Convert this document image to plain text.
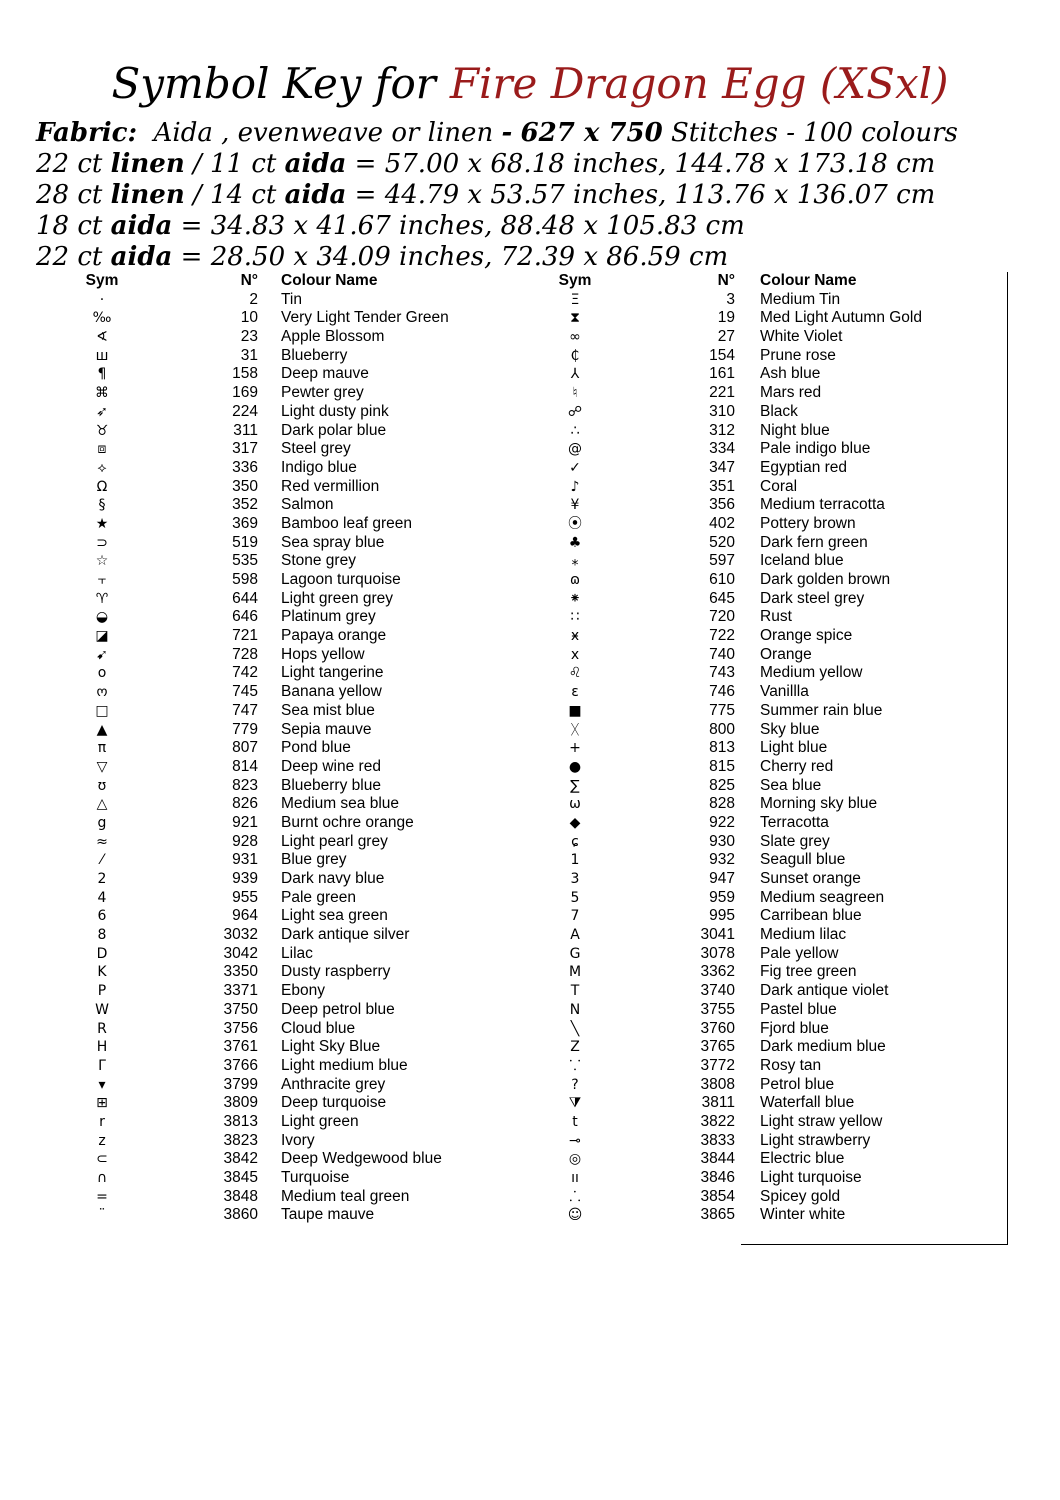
Symbol Key for Fire Dragon Egg (XSxl)
Fabric: Aida , evenweave or linen - 627 x 750 Stitches - 100 colours
22 ct linen / 11 ct aida = 57.00 x 68.18 inches, 144.78 x 173.18 cm
28 ct linen / 14 ct aida = 44.79 x 53.57 inches, 113.76 x 136.07 cm
18 ct aida = 34.83 x 41.67 inches, 88.48 x 105.83 cm
22 ct aida = 28.50 x 34.09 inches, 72.39 x 86.59 cm
Sym	N° Colour Name
·	2 Tin
‰	10 Very Light Tender Green
∢	23 Apple Blossom
ш	31 Blueberry
¶	158 Deep mauve
⌘	169 Pewter grey
➶	224 Light dusty pink
♉	311 Dark polar blue
⧈	317 Steel grey
⟡	336 Indigo blue
Ω	350 Red vermillion
§	352 Salmon
★	369 Bamboo leaf green
⊃	519 Sea spray blue
☆	535 Stone grey
⫟	598 Lagoon turquoise
♈	644 Light green grey
◒	646 Platinum grey
◪	721 Papaya orange
➹	728 Hops yellow
o	742 Light tangerine
ო	745 Banana yellow
□	747 Sea mist blue
▲	779 Sepia mauve
π	807 Pond blue
▽	814 Deep wine red
ʊ	823 Blueberry blue
△	826 Medium sea blue
g	921 Burnt ochre orange
≈	928 Light pearl grey
⁄	931 Blue grey
2	939 Dark navy blue
4	955 Pale green
6	964 Light sea green
8	3032 Dark antique silver
D	3042 Lilac
K	3350 Dusty raspberry
P	3371 Ebony
W	3750 Deep petrol blue
R	3756 Cloud blue
H	3761 Light Sky Blue
Γ	3766 Light medium blue
▾	3799 Anthracite grey
⊞	3809 Deep turquoise
r	3813 Light green
z	3823 Ivory
⊂	3842 Deep Wedgewood blue
∩	3845 Turquoise
=	3848 Medium teal green
¨	3860 Taupe mauve
Sym	N° Colour Name
Ξ	3 Medium Tin
⧗	19 Med Light Autumn Gold
∞	27 White Violet
₵	154 Prune rose
⅄	161 Ash blue
♮	221 Mars red
☍	310 Black
∴	312 Night blue
@	334 Pale indigo blue
✓	347 Egyptian red
♪	351 Coral
¥	356 Medium terracotta
⦿	402 Pottery brown
♣	520 Dark fern green
⁎	597 Iceland blue
ɷ	610 Dark golden brown
⁕	645 Dark steel grey
∷	720 Rust
ӿ	722 Orange spice
x	740 Orange
♌	743 Medium yellow
ε	746 Vanillla
■	775 Summer rain blue
ᚷ	800 Sky blue
+	813 Light blue
●	815 Cherry red
∑	825 Sea blue
ω	828 Morning sky blue
◆	922 Terracotta
ɕ	930 Slate grey
1	932 Seagull blue
3	947 Sunset orange
5	959 Medium seagreen
7	995 Carribean blue
A	3041 Medium lilac
G	3078 Pale yellow
M	3362 Fig tree green
T	3740 Dark antique violet
N	3755 Pastel blue
╲	3760 Fjord blue
Z	3765 Dark medium blue
⸪	3772 Rosy tan
?	3808 Petrol blue
⧩	3811 Waterfall blue
t	3822 Light straw yellow
⊸	3833 Light strawberry
◎	3844 Electric blue
ıı	3846 Light turquoise
⸫	3854 Spicey gold
☺	3865 Winter white
